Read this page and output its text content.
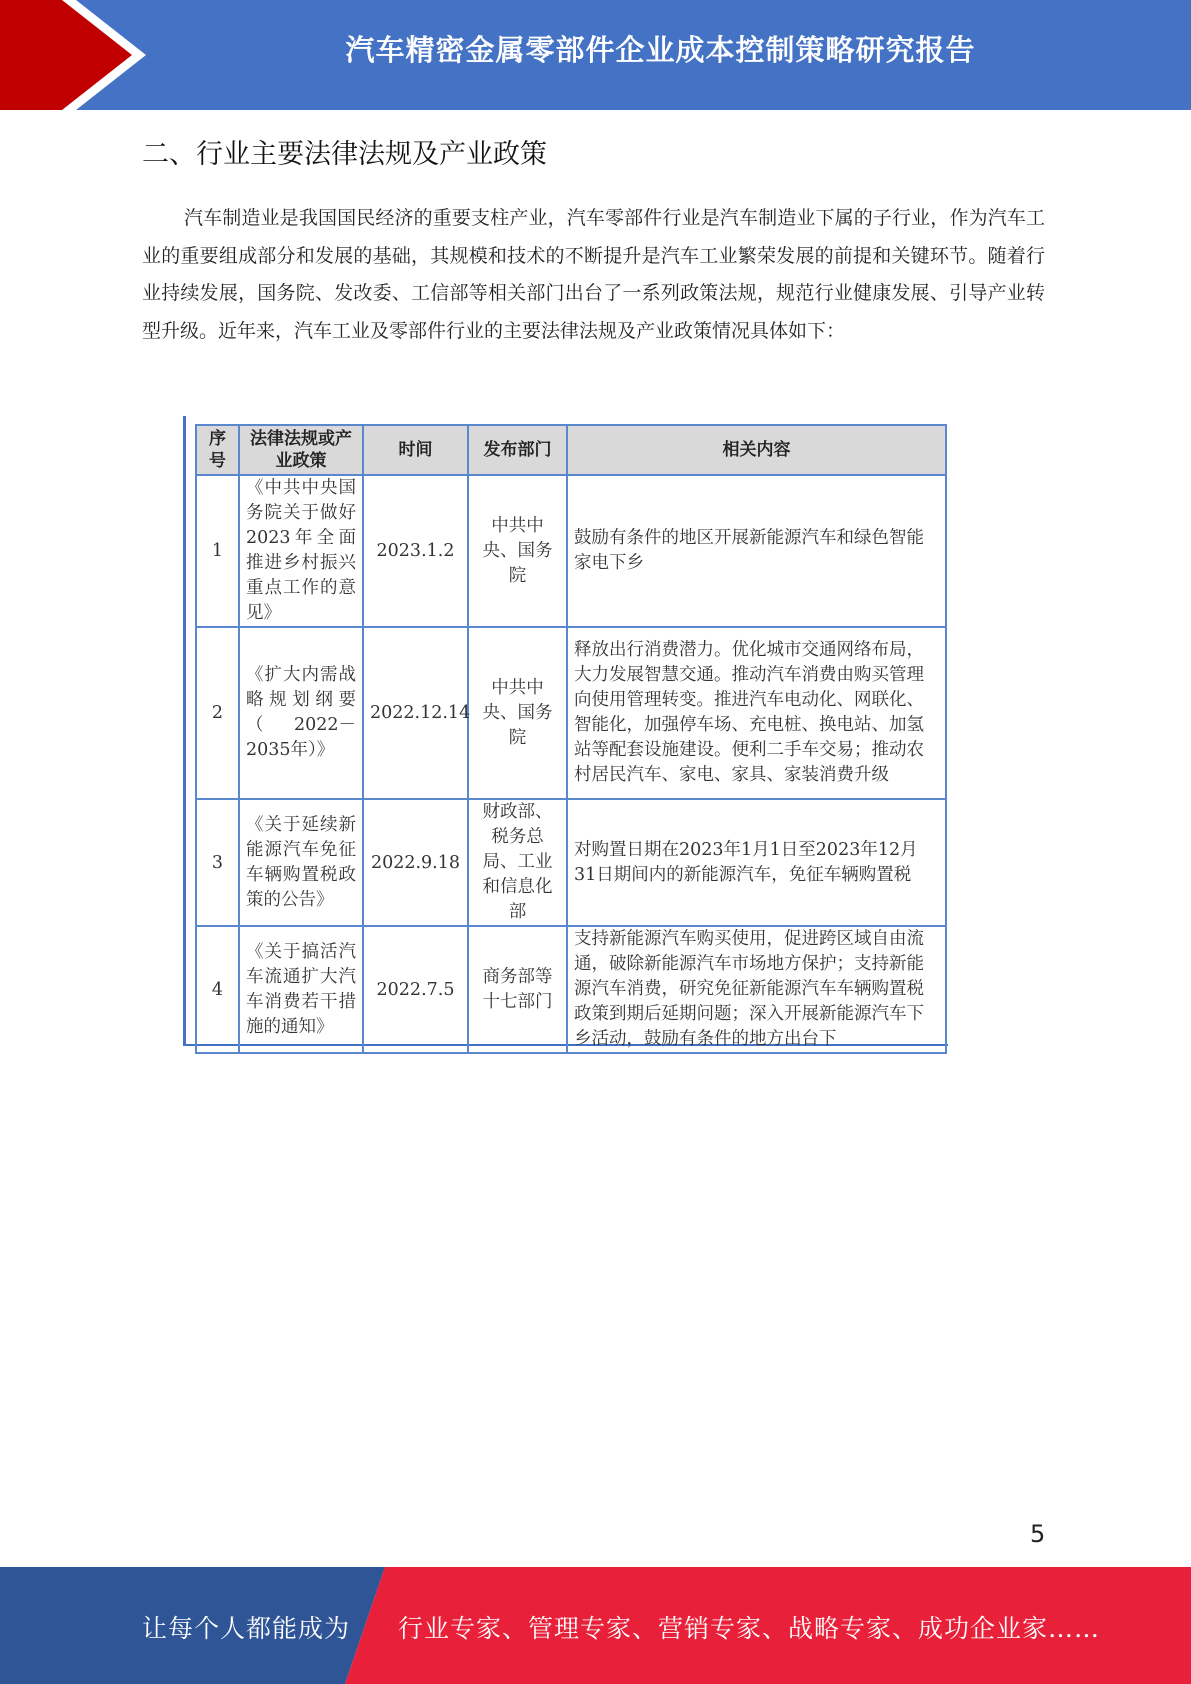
汽车精密金属零部件企业成本控制策略研究报告
二、行业主要法律法规及产业政策

汽车制造业是我国国民经济的重要支柱产业，汽车零部件行业是汽车制造业下属的子行业，作为汽车工业的重要组成部分和发展的基础，其规模和技术的不断提升是汽车工业繁荣发展的前提和关键环节。随着行业持续发展，国务院、发改委、工信部等相关部门出台了一系列政策法规，规范行业健康发展、引导产业转型升级。近年来，汽车工业及零部件行业的主要法律法规及产业政策情况具体如下：

序号	法律法规或产业政策	时间	发布部门	相关内容
1	《中共中央国务院关于做好2023年全面推进乡村振兴重点工作的意见》	2023.1.2	中共中央、国务院	鼓励有条件的地区开展新能源汽车和绿色智能家电下乡
2	《扩大内需战略规划纲要（2022－2035年）》	2022.12.14	中共中央、国务院	释放出行消费潜力。优化城市交通网络布局，大力发展智慧交通。推动汽车消费由购买管理向使用管理转变。推进汽车电动化、网联化、智能化，加强停车场、充电桩、换电站、加氢站等配套设施建设。便利二手车交易；推动农村居民汽车、家电、家具、家装消费升级
3	《关于延续新能源汽车免征车辆购置税政策的公告》	2022.9.18	财政部、税务总局、工业和信息化部	对购置日期在2023年1月1日至2023年12月31日期间内的新能源汽车，免征车辆购置税
4	《关于搞活汽车流通扩大汽车消费若干措施的通知》	2022.7.5	商务部等十七部门	支持新能源汽车购买使用，促进跨区域自由流通，破除新能源汽车市场地方保护；支持新能源汽车消费，研究免征新能源汽车车辆购置税政策到期后延期问题；深入开展新能源汽车下乡活动，鼓励有条件的地方出台下
5
让每个人都能成为 行业专家、管理专家、营销专家、战略专家、成功企业家……
